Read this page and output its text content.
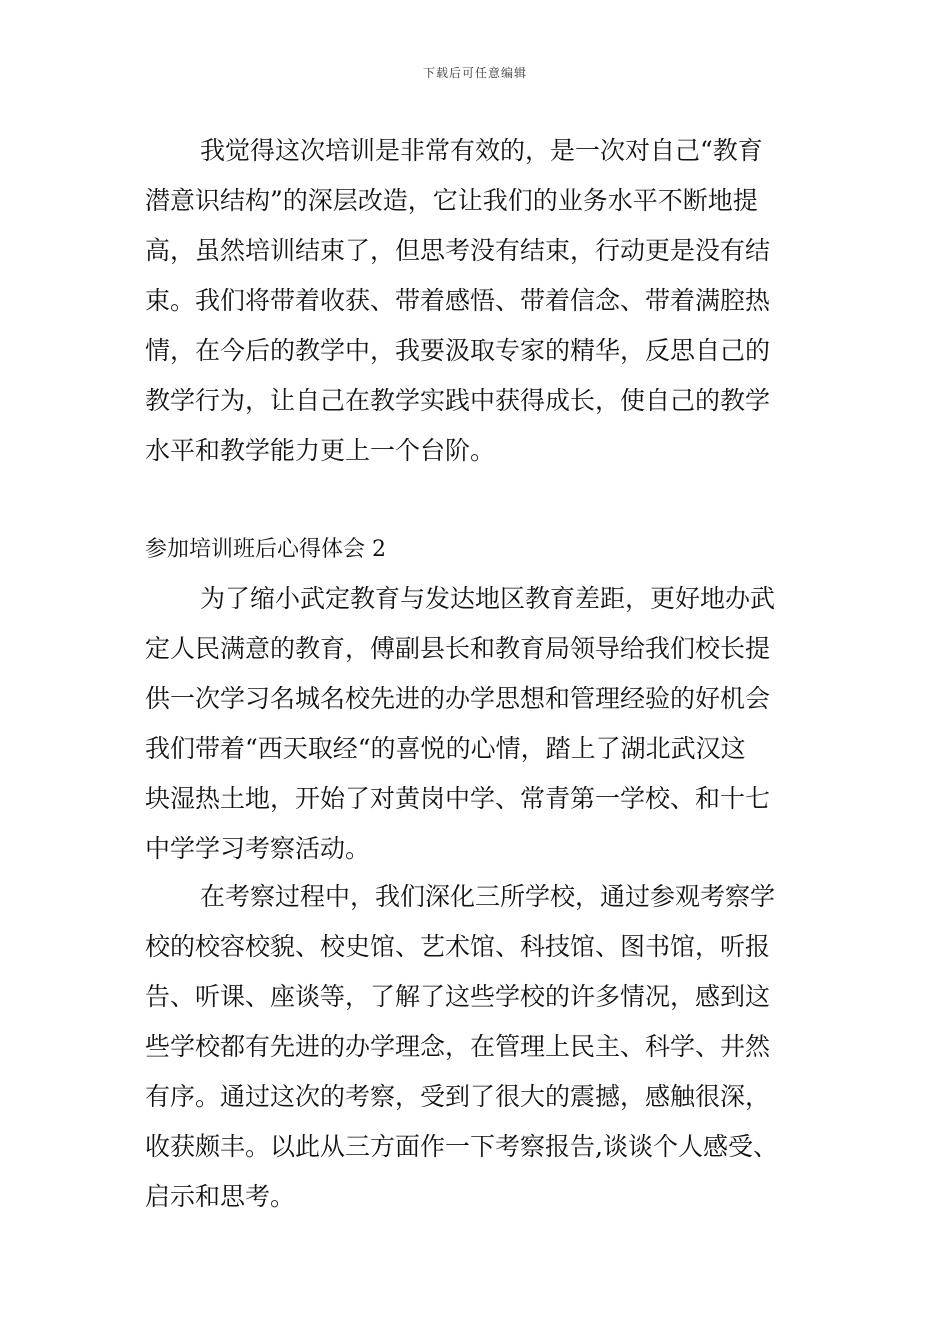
下载后可任意编辑
我觉得这次培训是非常有效的，是一次对自己“教育
潜意识结构”的深层改造，它让我们的业务水平不断地提
高，虽然培训结束了，但思考没有结束，行动更是没有结
束。我们将带着收获、带着感悟、带着信念、带着满腔热
情，在今后的教学中，我要汲取专家的精华，反思自己的
教学行为，让自己在教学实践中获得成长，使自己的教学
水平和教学能力更上一个台阶。
参加培训班后心得体会 2
为了缩小武定教育与发达地区教育差距，更好地办武
定人民满意的教育，傅副县长和教育局领导给我们校长提
供一次学习名城名校先进的办学思想和管理经验的好机会
我们带着“西天取经“的喜悦的心情，踏上了湖北武汉这
块湿热土地，开始了对黄岗中学、常青第一学校、和十七
中学学习考察活动。
在考察过程中，我们深化三所学校，通过参观考察学
校的校容校貌、校史馆、艺术馆、科技馆、图书馆，听报
告、听课、座谈等，了解了这些学校的许多情况，感到这
些学校都有先进的办学理念，在管理上民主、科学、井然
有序。通过这次的考察，受到了很大的震撼，感触很深，
收获颇丰。以此从三方面作一下考察报告,谈谈个人感受、
启示和思考。
